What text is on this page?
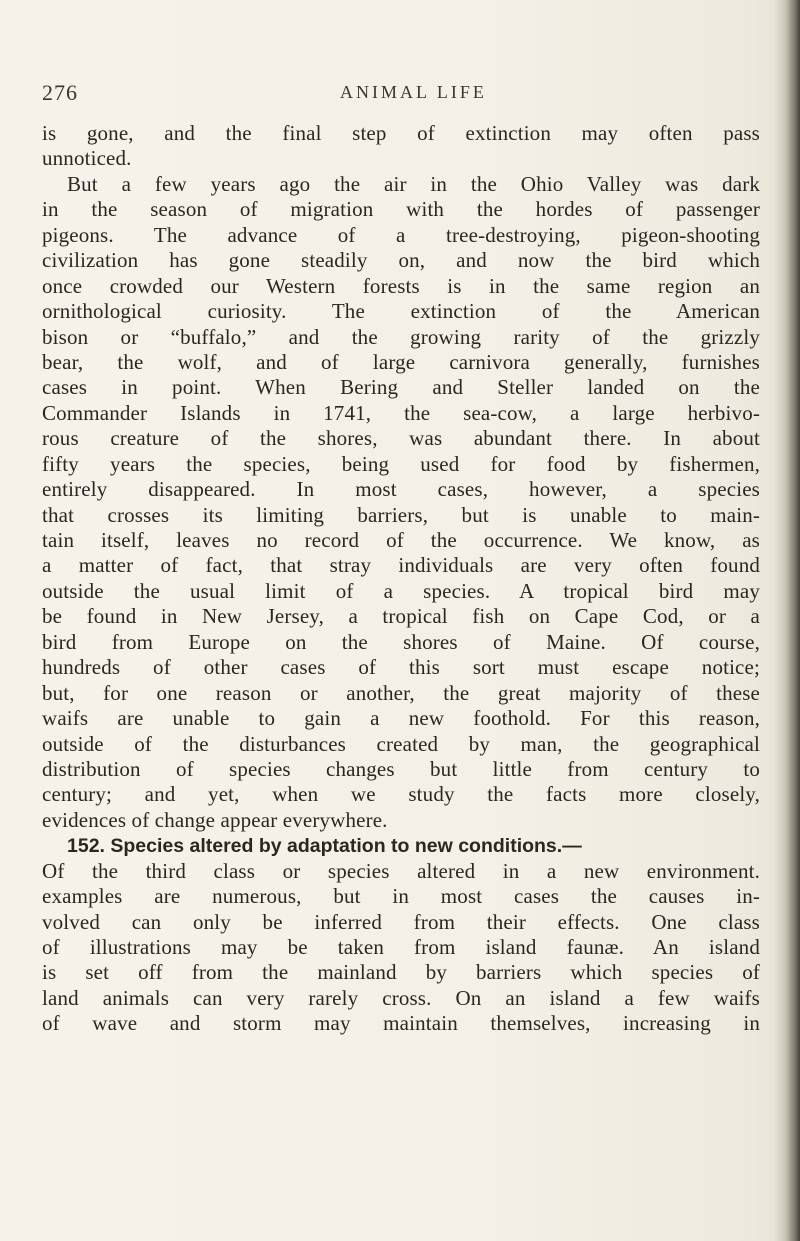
276	ANIMAL LIFE
is gone, and the final step of extinction may often pass
unnoticed.
But a few years ago the air in the Ohio Valley was dark
in the season of migration with the hordes of passenger
pigeons. The advance of a tree-destroying, pigeon-shooting
civilization has gone steadily on, and now the bird which
once crowded our Western forests is in the same region an
ornithological curiosity. The extinction of the American
bison or “buffalo,” and the growing rarity of the grizzly
bear, the wolf, and of large carnivora generally, furnishes
cases in point. When Bering and Steller landed on the
Commander Islands in 1741, the sea-cow, a large herbivo-
rous creature of the shores, was abundant there. In about
fifty years the species, being used for food by fishermen,
entirely disappeared. In most cases, however, a species
that crosses its limiting barriers, but is unable to main-
tain itself, leaves no record of the occurrence. We know, as
a matter of fact, that stray individuals are very often found
outside the usual limit of a species. A tropical bird may
be found in New Jersey, a tropical fish on Cape Cod, or a
bird from Europe on the shores of Maine. Of course,
hundreds of other cases of this sort must escape notice;
but, for one reason or another, the great majority of these
waifs are unable to gain a new foothold. For this reason,
outside of the disturbances created by man, the geographical
distribution of species changes but little from century to
century; and yet, when we study the facts more closely,
evidences of change appear everywhere.
152. Species altered by adaptation to new conditions.—
Of the third class or species altered in a new environment.
examples are numerous, but in most cases the causes in-
volved can only be inferred from their effects. One class
of illustrations may be taken from island faunæ. An island
is set off from the mainland by barriers which species of
land animals can very rarely cross. On an island a few waifs
of wave and storm may maintain themselves, increasing in
